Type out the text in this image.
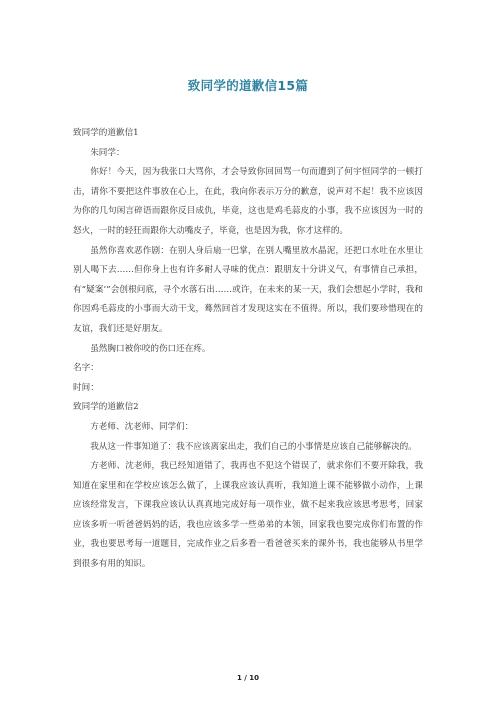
致同学的道歉信15篇

致同学的道歉信1

朱同学：

你好！今天，因为我张口大骂你，才会导致你回回骂一句而遭到了何宇恒同学的一顿打击，请你不要把这件事放在心上，在此，我向你表示万分的歉意，说声对不起！我不应该因为你的几句闲言碎语而跟你反目成仇，毕竟，这也是鸡毛蒜皮的小事，我不应该因为一时的怒火，一时的轻狂而跟你大动嘴皮子，毕竟，也是因为我，你才这样的。

虽然你喜欢恶作剧：在别人身后扇一巴掌，在别人嘴里放水晶泥，还把口水吐在水里让别人喝下去……但你身上也有许多耐人寻味的优点：跟朋友十分讲义气，有事情自己承担，有“疑案’”会创根问底，寻个水落石出……或许，在未来的某一天，我们会想起小学时，我和你因鸡毛蒜皮的小事而大动干戈，蓦然回首才发现这实在不值得。所以，我们要珍惜现在的友谊，我们还是好朋友。

虽然胸口被你咬的伤口还在疼。

名字：

时间：

致同学的道歉信2

方老师、沈老师、同学们：

我从这一件事知道了：我不应该离家出走，我们自己的小事情是应该自己能够解决的。

方老师、沈老师，我已经知道错了，我再也不犯这个错误了，就求你们不要开除我，我知道在家里和在学校应该怎么做了，上课我应该认真听，我知道上课不能够做小动作，上课应该经常发言，下课我应该认认真真地完成好每一项作业，做不起来我应该思考思考，回家应该多听一听爸爸妈妈的话，我也应该多学一些弟弟的本领，回家我也要完成你们布置的作业，我也要思考每一道题目，完成作业之后多看一看爸爸买来的课外书，我也能够从书里学到很多有用的知识。

1 / 10
